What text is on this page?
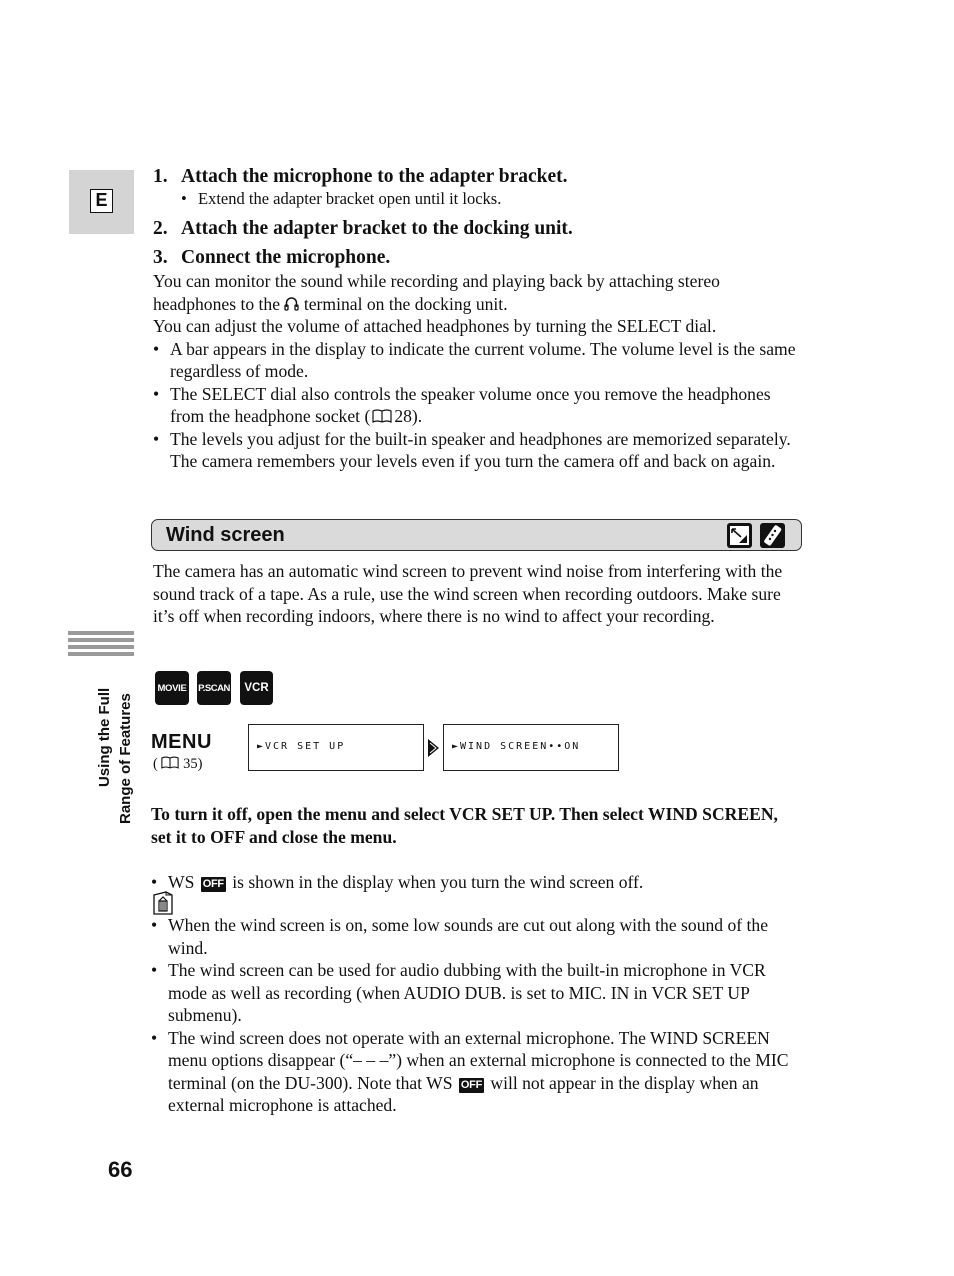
E
1. Attach the microphone to the adapter bracket.
• Extend the adapter bracket open until it locks.
2. Attach the adapter bracket to the docking unit.
3. Connect the microphone.

You can monitor the sound while recording and playing back by attaching stereo headphones to the terminal on the docking unit.

You can adjust the volume of attached headphones by turning the SELECT dial.

• A bar appears in the display to indicate the current volume. The volume level is the same regardless of mode.
• The SELECT dial also controls the speaker volume once you remove the headphones from the headphone socket ( 28).
• The levels you adjust for the built-in speaker and headphones are memorized separately. The camera remembers your levels even if you turn the camera off and back on again.
Wind screen
The camera has an automatic wind screen to prevent wind noise from interfering with the sound track of a tape. As a rule, use the wind screen when recording outdoors. Make sure it’s off when recording indoors, where there is no wind to affect your recording.
MOVIE P.SCAN	VCR
MENU
( 35)
►VCR SET UP	►WIND SCREEN••ON
To turn it off, open the menu and select VCR SET UP. Then select WIND SCREEN, set it to OFF and close the menu.
• WS OFF is shown in the display when you turn the wind screen off.
• When the wind screen is on, some low sounds are cut out along with the sound of the wind.
• The wind screen can be used for audio dubbing with the built-in microphone in VCR mode as well as recording (when AUDIO DUB. is set to MIC. IN in VCR SET UP submenu).
• The wind screen does not operate with an external microphone. The WIND SCREEN menu options disappear (“– – –”) when an external microphone is connected to the MIC terminal (on the DU-300). Note that WS OFF will not appear in the display when an external microphone is attached.
Using the Full Range of Features
66
